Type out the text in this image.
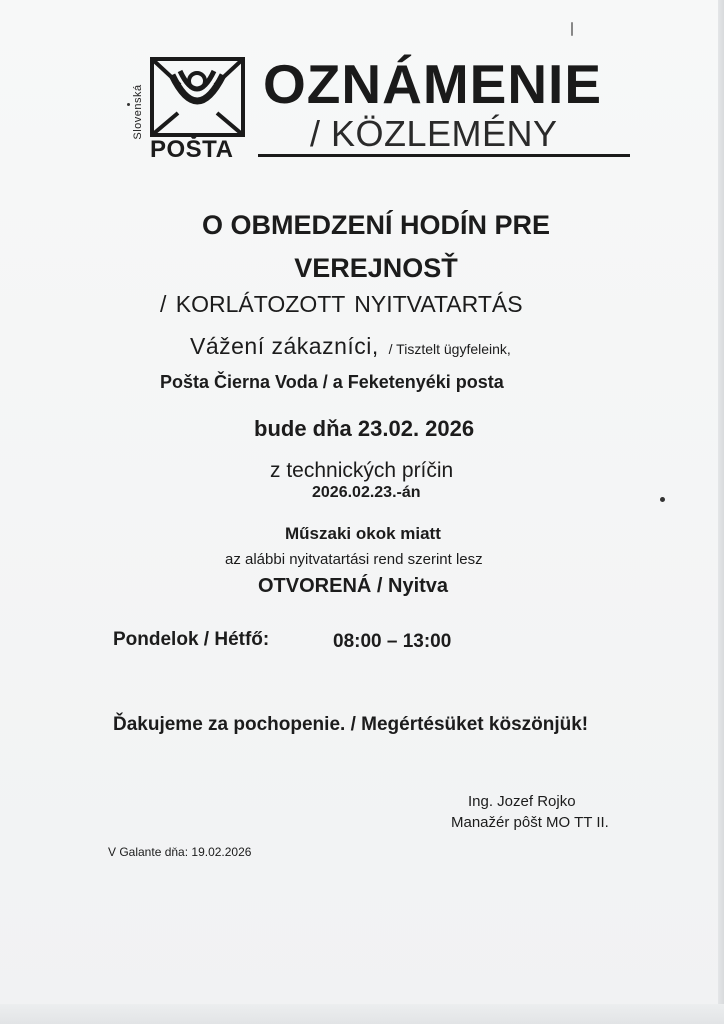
Slovenská
POŠTA
OZNÁMENIE
/ KÖZLEMÉNY
O OBMEDZENÍ HODÍN PRE
VEREJNOSŤ
/ KORLÁTOZOTT NYITVATARTÁS
Vážení zákazníci, / Tisztelt ügyfeleink,
Pošta Čierna Voda / a Feketenyéki posta
bude dňa 23.02. 2026
z technických príčin
2026.02.23.-án
Műszaki okok miatt
az alábbi nyitvatartási rend szerint lesz
OTVORENÁ / Nyitva
Pondelok / Hétfő:	08:00 – 13:00
Ďakujeme za pochopenie. / Megértésüket köszönjük!
Ing. Jozef Rojko
Manažér pôšt MO TT II.
V Galante dňa: 19.02.2026
